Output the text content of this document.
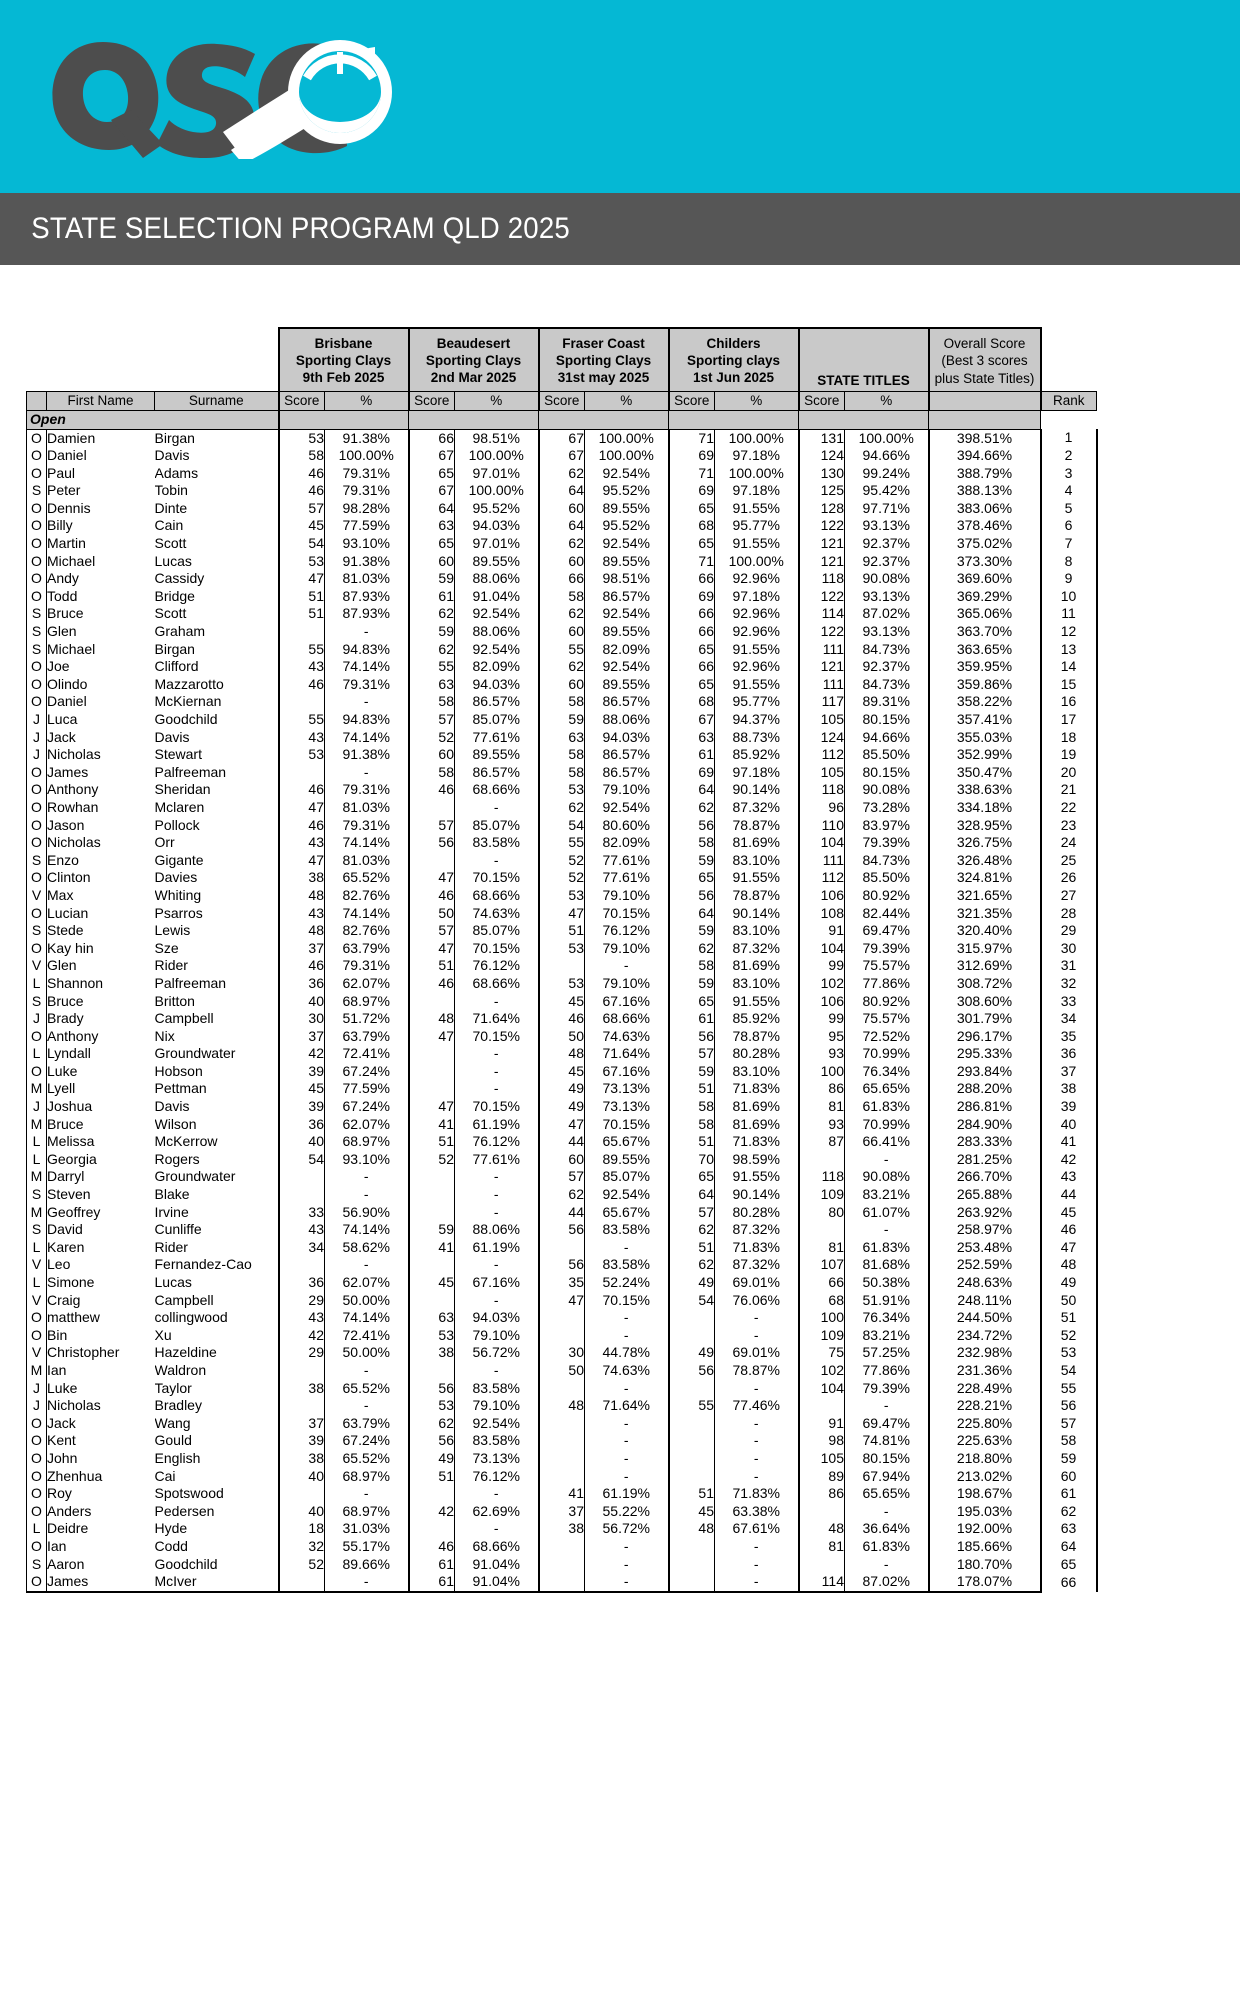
STATE SELECTION PROGRAM QLD 2025

			Brisbane
Sporting Clays
9th Feb 2025		Beaudesert
Sporting Clays
2nd Mar 2025		Fraser Coast
Sporting Clays
31st may 2025		Childers
Sporting clays
1st Jun 2025		STATE TITLES		Overall Score
(Best 3 scores
plus State Titles)	

	First Name	Surname	Score	%	Score	%	Score	%	Score	%	Score	%		Rank
Open														
O	Damien	Birgan	53	91.38%	66	98.51%	67	100.00%	71	100.00%	131	100.00%	398.51%	1
O	Daniel	Davis	58	100.00%	67	100.00%	67	100.00%	69	97.18%	124	94.66%	394.66%	2
O	Paul	Adams	46	79.31%	65	97.01%	62	92.54%	71	100.00%	130	99.24%	388.79%	3
S	Peter	Tobin	46	79.31%	67	100.00%	64	95.52%	69	97.18%	125	95.42%	388.13%	4
O	Dennis	Dinte	57	98.28%	64	95.52%	60	89.55%	65	91.55%	128	97.71%	383.06%	5
O	Billy	Cain	45	77.59%	63	94.03%	64	95.52%	68	95.77%	122	93.13%	378.46%	6
O	Martin	Scott	54	93.10%	65	97.01%	62	92.54%	65	91.55%	121	92.37%	375.02%	7
O	Michael	Lucas	53	91.38%	60	89.55%	60	89.55%	71	100.00%	121	92.37%	373.30%	8
O	Andy	Cassidy	47	81.03%	59	88.06%	66	98.51%	66	92.96%	118	90.08%	369.60%	9
O	Todd	Bridge	51	87.93%	61	91.04%	58	86.57%	69	97.18%	122	93.13%	369.29%	10
S	Bruce	Scott	51	87.93%	62	92.54%	62	92.54%	66	92.96%	114	87.02%	365.06%	11
S	Glen	Graham		-	59	88.06%	60	89.55%	66	92.96%	122	93.13%	363.70%	12
S	Michael	Birgan	55	94.83%	62	92.54%	55	82.09%	65	91.55%	111	84.73%	363.65%	13
O	Joe	Clifford	43	74.14%	55	82.09%	62	92.54%	66	92.96%	121	92.37%	359.95%	14
O	Olindo	Mazzarotto	46	79.31%	63	94.03%	60	89.55%	65	91.55%	111	84.73%	359.86%	15
O	Daniel	McKiernan		-	58	86.57%	58	86.57%	68	95.77%	117	89.31%	358.22%	16
J	Luca	Goodchild	55	94.83%	57	85.07%	59	88.06%	67	94.37%	105	80.15%	357.41%	17
J	Jack	Davis	43	74.14%	52	77.61%	63	94.03%	63	88.73%	124	94.66%	355.03%	18
J	Nicholas	Stewart	53	91.38%	60	89.55%	58	86.57%	61	85.92%	112	85.50%	352.99%	19
O	James	Palfreeman		-	58	86.57%	58	86.57%	69	97.18%	105	80.15%	350.47%	20
O	Anthony	Sheridan	46	79.31%	46	68.66%	53	79.10%	64	90.14%	118	90.08%	338.63%	21
O	Rowhan	Mclaren	47	81.03%		-	62	92.54%	62	87.32%	96	73.28%	334.18%	22
O	Jason	Pollock	46	79.31%	57	85.07%	54	80.60%	56	78.87%	110	83.97%	328.95%	23
O	Nicholas	Orr	43	74.14%	56	83.58%	55	82.09%	58	81.69%	104	79.39%	326.75%	24
S	Enzo	Gigante	47	81.03%		-	52	77.61%	59	83.10%	111	84.73%	326.48%	25
O	Clinton	Davies	38	65.52%	47	70.15%	52	77.61%	65	91.55%	112	85.50%	324.81%	26
V	Max	Whiting	48	82.76%	46	68.66%	53	79.10%	56	78.87%	106	80.92%	321.65%	27
O	Lucian	Psarros	43	74.14%	50	74.63%	47	70.15%	64	90.14%	108	82.44%	321.35%	28
S	Stede	Lewis	48	82.76%	57	85.07%	51	76.12%	59	83.10%	91	69.47%	320.40%	29
O	Kay hin	Sze	37	63.79%	47	70.15%	53	79.10%	62	87.32%	104	79.39%	315.97%	30
V	Glen	Rider	46	79.31%	51	76.12%		-	58	81.69%	99	75.57%	312.69%	31
L	Shannon	Palfreeman	36	62.07%	46	68.66%	53	79.10%	59	83.10%	102	77.86%	308.72%	32
S	Bruce	Britton	40	68.97%		-	45	67.16%	65	91.55%	106	80.92%	308.60%	33
J	Brady	Campbell	30	51.72%	48	71.64%	46	68.66%	61	85.92%	99	75.57%	301.79%	34
O	Anthony	Nix	37	63.79%	47	70.15%	50	74.63%	56	78.87%	95	72.52%	296.17%	35
L	Lyndall	Groundwater	42	72.41%		-	48	71.64%	57	80.28%	93	70.99%	295.33%	36
O	Luke	Hobson	39	67.24%		-	45	67.16%	59	83.10%	100	76.34%	293.84%	37
M	Lyell	Pettman	45	77.59%		-	49	73.13%	51	71.83%	86	65.65%	288.20%	38
J	Joshua	Davis	39	67.24%	47	70.15%	49	73.13%	58	81.69%	81	61.83%	286.81%	39
M	Bruce	Wilson	36	62.07%	41	61.19%	47	70.15%	58	81.69%	93	70.99%	284.90%	40
L	Melissa	McKerrow	40	68.97%	51	76.12%	44	65.67%	51	71.83%	87	66.41%	283.33%	41
L	Georgia	Rogers	54	93.10%	52	77.61%	60	89.55%	70	98.59%		-	281.25%	42
M	Darryl	Groundwater		-		-	57	85.07%	65	91.55%	118	90.08%	266.70%	43
S	Steven	Blake		-		-	62	92.54%	64	90.14%	109	83.21%	265.88%	44
M	Geoffrey	Irvine	33	56.90%		-	44	65.67%	57	80.28%	80	61.07%	263.92%	45
S	David	Cunliffe	43	74.14%	59	88.06%	56	83.58%	62	87.32%		-	258.97%	46
L	Karen	Rider	34	58.62%	41	61.19%		-	51	71.83%	81	61.83%	253.48%	47
V	Leo	Fernandez-Cao		-		-	56	83.58%	62	87.32%	107	81.68%	252.59%	48
L	Simone	Lucas	36	62.07%	45	67.16%	35	52.24%	49	69.01%	66	50.38%	248.63%	49
V	Craig	Campbell	29	50.00%		-	47	70.15%	54	76.06%	68	51.91%	248.11%	50
O	matthew	collingwood	43	74.14%	63	94.03%		-		-	100	76.34%	244.50%	51
O	Bin	Xu	42	72.41%	53	79.10%		-		-	109	83.21%	234.72%	52
V	Christopher	Hazeldine	29	50.00%	38	56.72%	30	44.78%	49	69.01%	75	57.25%	232.98%	53
M	Ian	Waldron		-		-	50	74.63%	56	78.87%	102	77.86%	231.36%	54
J	Luke	Taylor	38	65.52%	56	83.58%		-		-	104	79.39%	228.49%	55
J	Nicholas	Bradley		-	53	79.10%	48	71.64%	55	77.46%		-	228.21%	56
O	Jack	Wang	37	63.79%	62	92.54%		-		-	91	69.47%	225.80%	57
O	Kent	Gould	39	67.24%	56	83.58%		-		-	98	74.81%	225.63%	58
O	John	English	38	65.52%	49	73.13%		-		-	105	80.15%	218.80%	59
O	Zhenhua	Cai	40	68.97%	51	76.12%		-		-	89	67.94%	213.02%	60
O	Roy	Spotswood		-		-	41	61.19%	51	71.83%	86	65.65%	198.67%	61
O	Anders	Pedersen	40	68.97%	42	62.69%	37	55.22%	45	63.38%		-	195.03%	62
L	Deidre	Hyde	18	31.03%		-	38	56.72%	48	67.61%	48	36.64%	192.00%	63
O	Ian	Codd	32	55.17%	46	68.66%		-		-	81	61.83%	185.66%	64
S	Aaron	Goodchild	52	89.66%	61	91.04%		-		-		-	180.70%	65
O	James	McIver		-	61	91.04%		-		-	114	87.02%	178.07%	66
